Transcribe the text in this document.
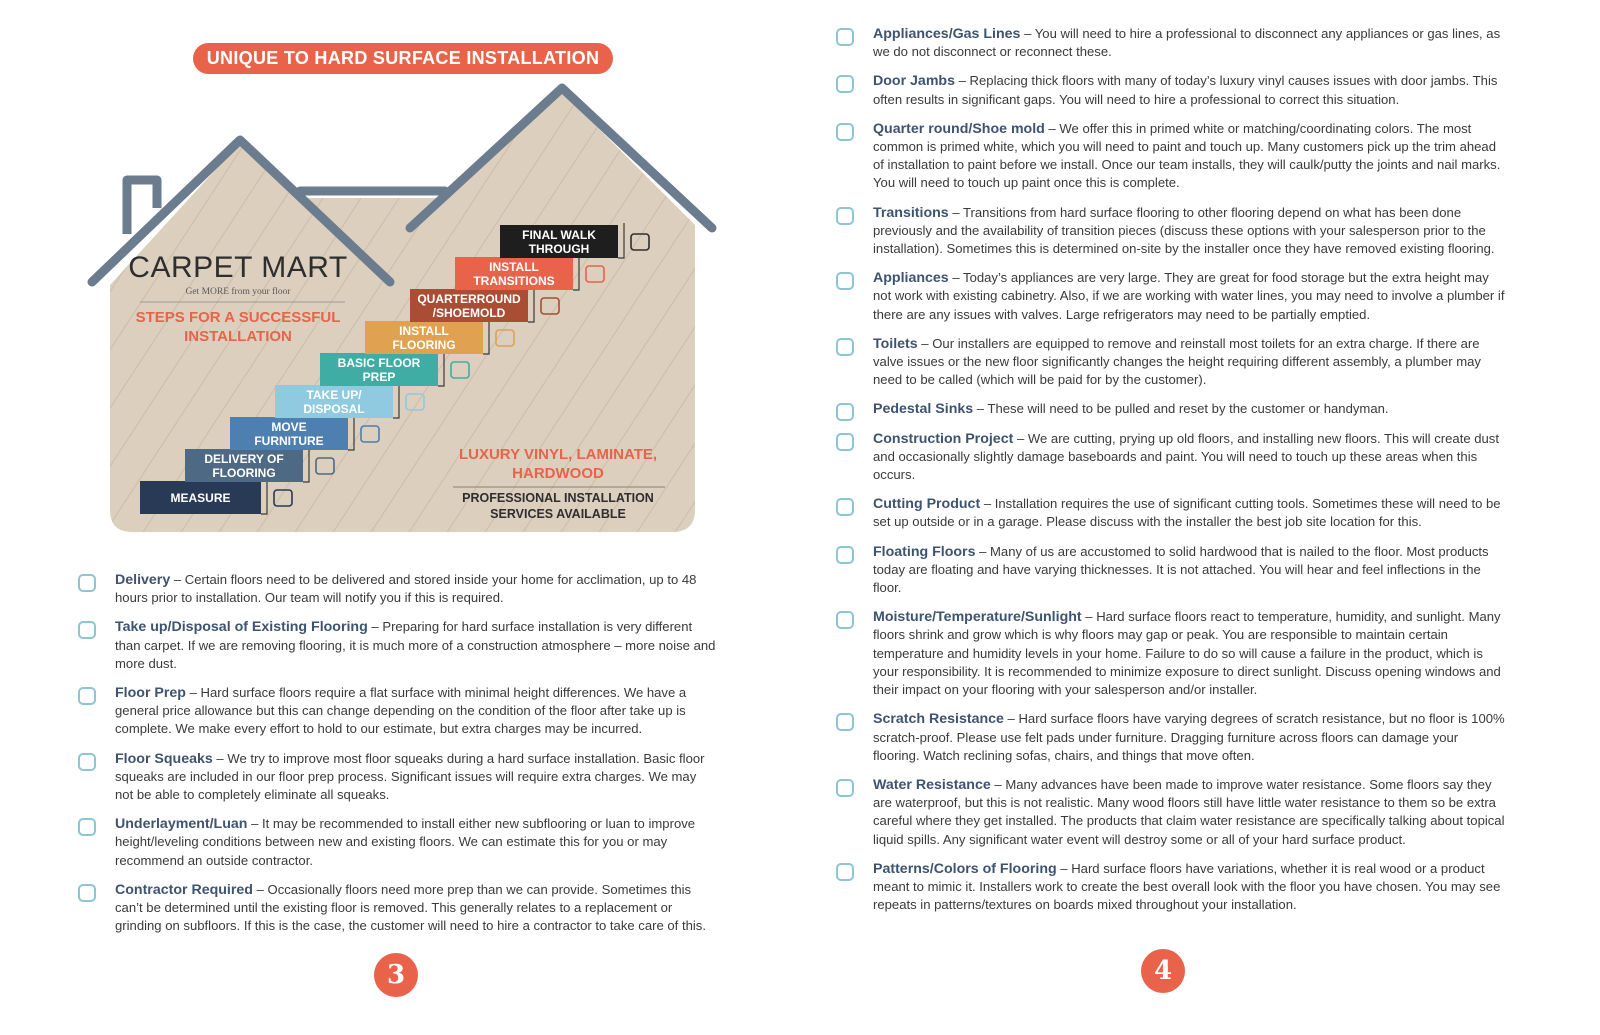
UNIQUE TO HARD SURFACE INSTALLATION
CARPET MART
Get MORE from your floor
STEPS FOR A SUCCESSFUL
INSTALLATION
MEASURE
DELIVERY OF
FLOORING
MOVE
FURNITURE
TAKE UP/
DISPOSAL
BASIC FLOOR
PREP
INSTALL
FLOORING
QUARTERROUND
/SHOEMOLD
INSTALL
TRANSITIONS
FINAL WALK
THROUGH
LUXURY VINYL, LAMINATE,
HARDWOOD
PROFESSIONAL INSTALLATION
SERVICES AVAILABLE
Delivery – Certain floors need to be delivered and stored inside your home for acclimation, up to 48 hours prior to installation. Our team will notify you if this is required.
Take up/Disposal of Existing Flooring – Preparing for hard surface installation is very different than carpet. If we are removing flooring, it is much more of a construction atmosphere – more noise and more dust.
Floor Prep – Hard surface floors require a flat surface with minimal height differences. We have a general price allowance but this can change depending on the condition of the floor after take up is complete. We make every effort to hold to our estimate, but extra charges may be incurred.
Floor Squeaks – We try to improve most floor squeaks during a hard surface installation. Basic floor squeaks are included in our floor prep process. Significant issues will require extra charges. We may not be able to completely eliminate all squeaks.
Underlayment/Luan – It may be recommended to install either new subflooring or luan to improve height/leveling conditions between new and existing floors. We can estimate this for you or may recommend an outside contractor.
Contractor Required – Occasionally floors need more prep than we can provide. Sometimes this can’t be determined until the existing floor is removed. This generally relates to a replacement or grinding on subfloors. If this is the case, the customer will need to hire a contractor to take care of this.
Appliances/Gas Lines – You will need to hire a professional to disconnect any appliances or gas lines, as we do not disconnect or reconnect these.
Door Jambs – Replacing thick floors with many of today’s luxury vinyl causes issues with door jambs. This often results in significant gaps. You will need to hire a professional to correct this situation.
Quarter round/Shoe mold – We offer this in primed white or matching/coordinating colors. The most common is primed white, which you will need to paint and touch up. Many customers pick up the trim ahead of installation to paint before we install. Once our team installs, they will caulk/putty the joints and nail marks. You will need to touch up paint once this is complete.
Transitions – Transitions from hard surface flooring to other flooring depend on what has been done previously and the availability of transition pieces (discuss these options with your salesperson prior to the installation). Sometimes this is determined on-site by the installer once they have removed existing flooring.
Appliances – Today’s appliances are very large. They are great for food storage but the extra height may not work with existing cabinetry. Also, if we are working with water lines, you may need to involve a plumber if there are any issues with valves. Large refrigerators may need to be partially emptied.
Toilets – Our installers are equipped to remove and reinstall most toilets for an extra charge. If there are valve issues or the new floor significantly changes the height requiring different assembly, a plumber may need to be called (which will be paid for by the customer).
Pedestal Sinks – These will need to be pulled and reset by the customer or handyman.
Construction Project – We are cutting, prying up old floors, and installing new floors. This will create dust and occasionally slightly damage baseboards and paint. You will need to touch up these areas when this occurs.
Cutting Product – Installation requires the use of significant cutting tools. Sometimes these will need to be set up outside or in a garage. Please discuss with the installer the best job site location for this.
Floating Floors – Many of us are accustomed to solid hardwood that is nailed to the floor. Most products today are floating and have varying thicknesses. It is not attached. You will hear and feel inflections in the floor.
Moisture/Temperature/Sunlight – Hard surface floors react to temperature, humidity, and sunlight. Many floors shrink and grow which is why floors may gap or peak. You are responsible to maintain certain temperature and humidity levels in your home. Failure to do so will cause a failure in the product, which is your responsibility. It is recommended to minimize exposure to direct sunlight. Discuss opening windows and their impact on your flooring with your salesperson and/or installer.
Scratch Resistance – Hard surface floors have varying degrees of scratch resistance, but no floor is 100% scratch-proof. Please use felt pads under furniture. Dragging furniture across floors can damage your flooring. Watch reclining sofas, chairs, and things that move often.
Water Resistance – Many advances have been made to improve water resistance. Some floors say they are waterproof, but this is not realistic. Many wood floors still have little water resistance to them so be extra careful where they get installed. The products that claim water resistance are specifically talking about topical liquid spills. Any significant water event will destroy some or all of your hard surface product.
Patterns/Colors of Flooring – Hard surface floors have variations, whether it is real wood or a product meant to mimic it. Installers work to create the best overall look with the floor you have chosen. You may see repeats in patterns/textures on boards mixed throughout your installation.
3	4
